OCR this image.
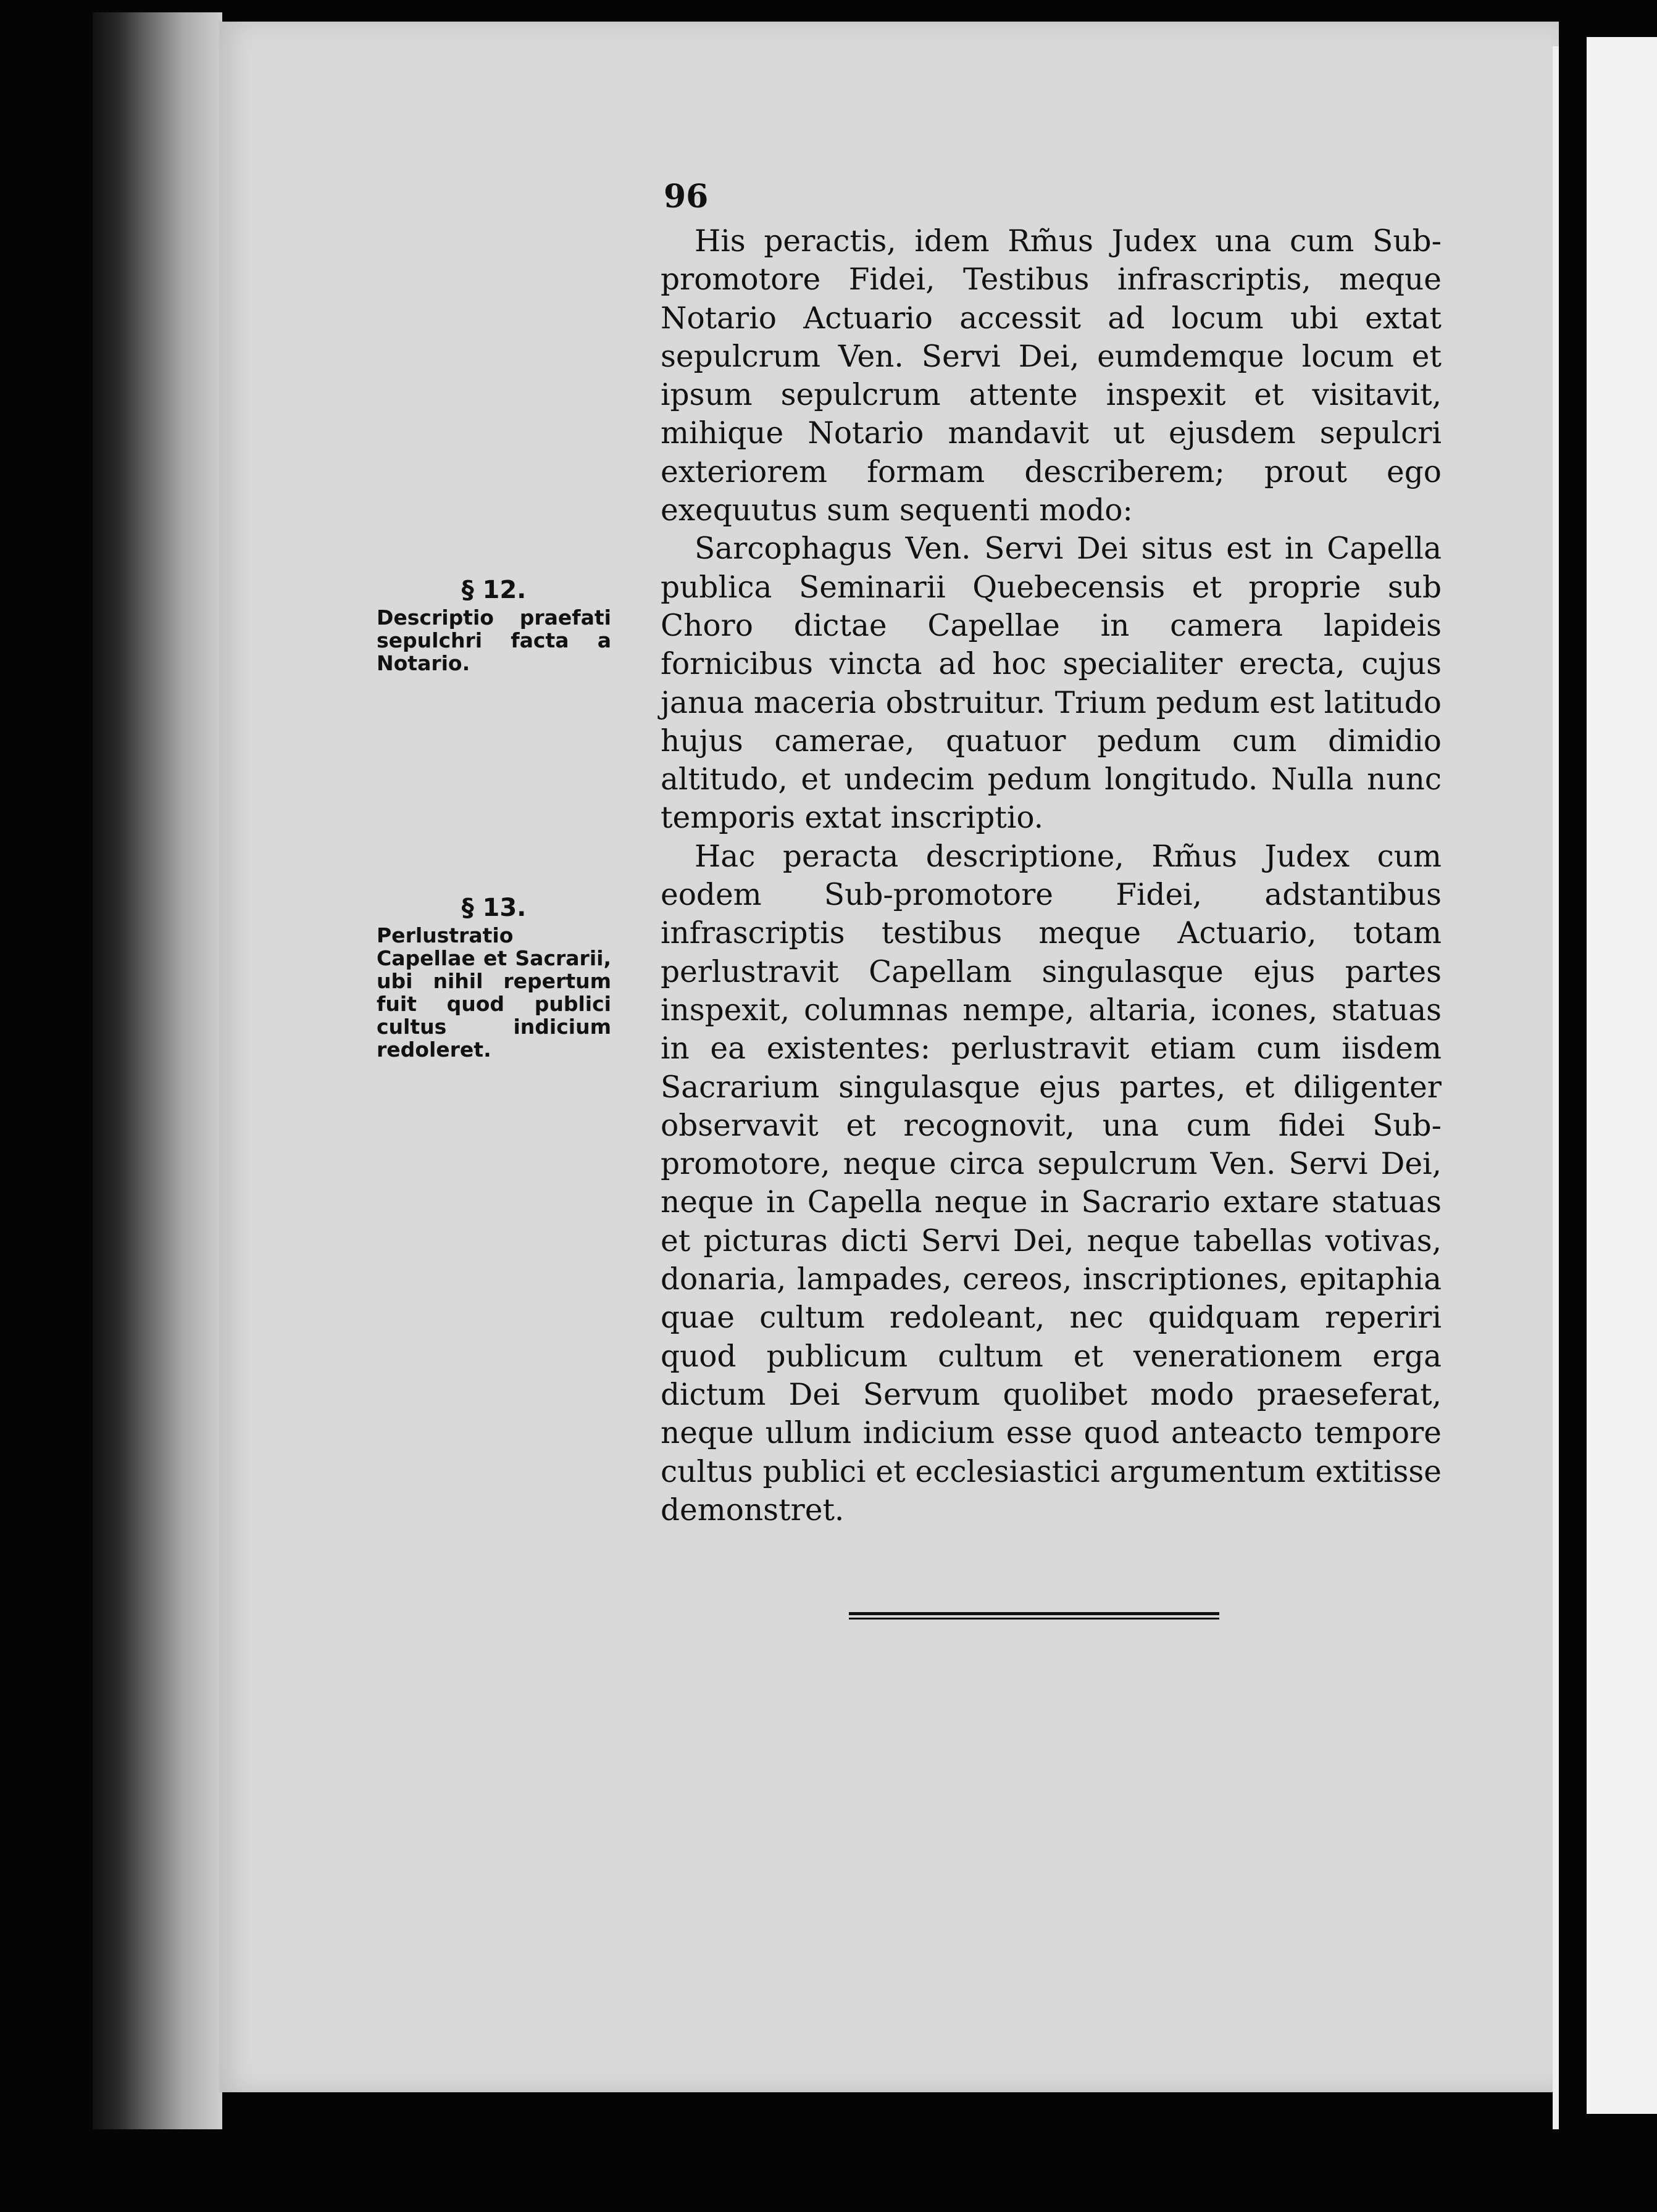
96
§ 12.
Descriptio praefati sepulchri facta a Notario.
§ 13.
Perlustratio Capellae et Sacrarii, ubi nihil repertum fuit quod publici cultus indicium redoleret.

His peractis, idem Rm̃us Judex una cum Sub-promotore Fidei, Testibus infrascriptis, meque Notario Actuario accessit ad locum ubi extat sepulcrum Ven. Servi Dei, eumdemque locum et ipsum sepulcrum attente inspexit et visitavit, mihique Notario mandavit ut ejusdem sepulcri exteriorem formam describerem; prout ego exequutus sum sequenti modo:

Sarcophagus Ven. Servi Dei situs est in Capella publica Seminarii Quebecensis et proprie sub Choro dictae Capellae in camera lapideis fornicibus vincta ad hoc specialiter erecta, cujus janua maceria obstruitur. Trium pedum est latitudo hujus camerae, quatuor pedum cum dimidio altitudo, et undecim pedum longitudo. Nulla nunc temporis extat inscriptio.

Hac peracta descriptione, Rm̃us Judex cum eodem Sub-promotore Fidei, adstantibus infrascriptis testibus meque Actuario, totam perlustravit Capellam singulasque ejus partes inspexit, columnas nempe, altaria, icones, statuas in ea existentes: perlustravit etiam cum iisdem Sacrarium singulasque ejus partes, et diligenter observavit et recognovit, una cum fidei Sub-promotore, neque circa sepulcrum Ven. Servi Dei, neque in Capella neque in Sacrario extare statuas et picturas dicti Servi Dei, neque tabellas votivas, donaria, lampades, cereos, inscriptiones, epitaphia quae cultum redoleant, nec quidquam reperiri quod publicum cultum et venerationem erga dictum Dei Servum quolibet modo praeseferat, neque ullum indicium esse quod anteacto tempore cultus publici et ecclesiastici argumentum extitisse demonstret.
